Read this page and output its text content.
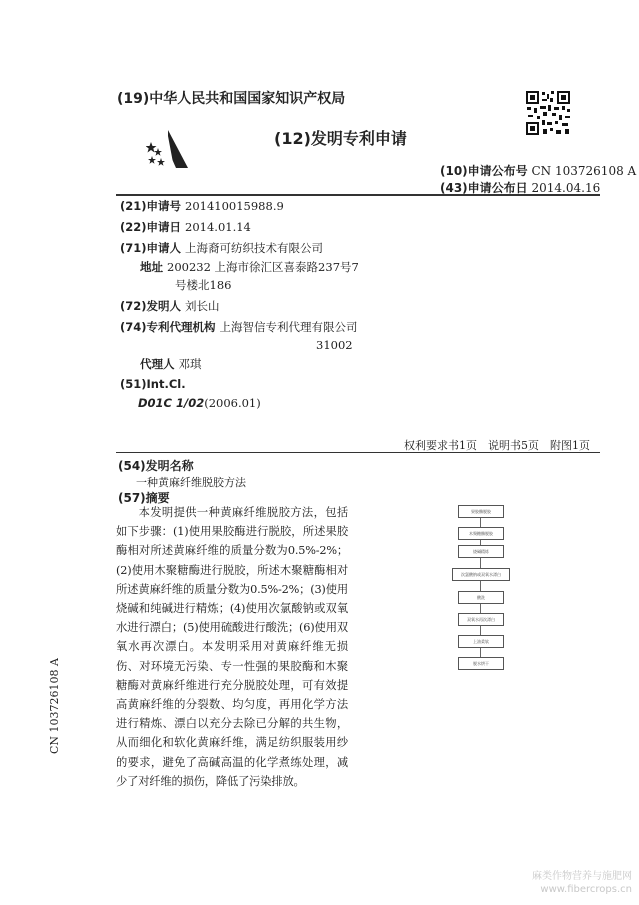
(19)中华人民共和国国家知识产权局
(12)发明专利申请
(10)申请公布号 CN 103726108 A
(43)申请公布日 2014.04.16
(21)申请号 201410015988.9
(22)申请日 2014.01.14
(71)申请人 上海裔可纺织技术有限公司
地址 200232 上海市徐汇区喜泰路237号7
号楼北186
(72)发明人 刘长山
(74)专利代理机构 上海智信专利代理有限公司
31002
代理人 邓琪
(51)Int.Cl.
D01C 1/02(2006.01)
权利要求书1页　说明书5页　附图1页
(54)发明名称
一种黄麻纤维脱胶方法
(57)摘要

本发明提供一种黄麻纤维脱胶方法，包括如下步骤：(1)使用果胶酶进行脱胶，所述果胶酶相对所述黄麻纤维的质量分数为0.5%-2%；(2)使用木聚糖酶进行脱胶，所述木聚糖酶相对所述黄麻纤维的质量分数为0.5%-2%；(3)使用烧碱和纯碱进行精炼；(4)使用次氯酸钠或双氧水进行漂白；(5)使用硫酸进行酸洗；(6)使用双氧水再次漂白。本发明采用对黄麻纤维无损伤、对环境无污染、专一性强的果胶酶和木聚糖酶对黄麻纤维进行充分脱胶处理，可有效提高黄麻纤维的分裂数、均匀度，再用化学方法进行精炼、漂白以充分去除已分解的共生物，从而细化和软化黄麻纤维，满足纺织服装用纱的要求，避免了高碱高温的化学煮练处理，减少了对纤维的损伤，降低了污染排放。

果胶酶脱胶
木聚糖酶脱胶
烧碱精炼
次氯酸钠或双氧水漂白
酸洗
双氧水再次漂白
上油柔软
脱水烘干
CN 103726108 A
麻类作物营养与施肥网 www.fibercrops.cn
